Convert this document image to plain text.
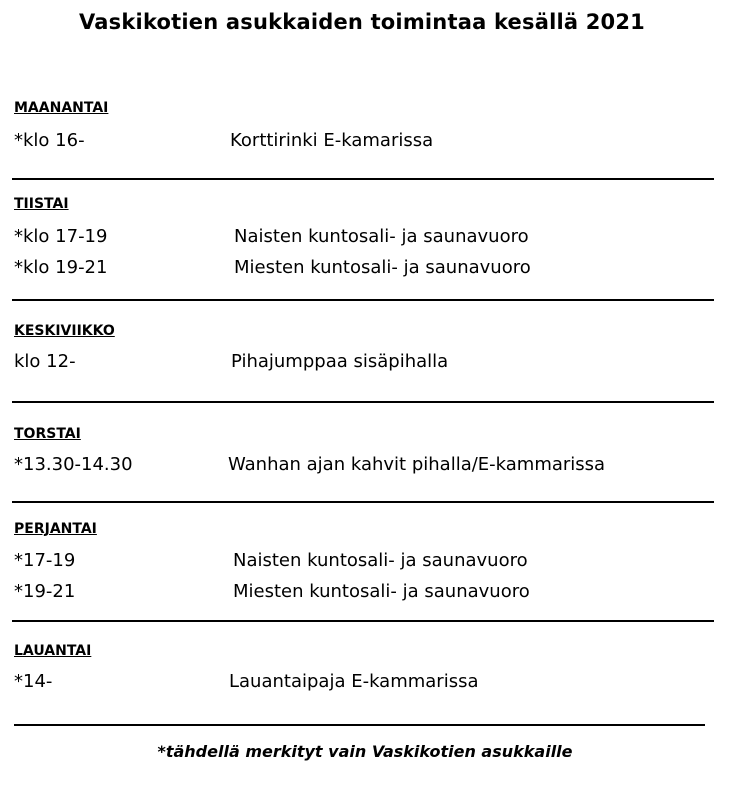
Vaskikotien asukkaiden toimintaa kesällä 2021
MAANANTAI
*klo 16-	Korttirinki E-kamarissa
TIISTAI
*klo 17-19	Naisten kuntosali- ja saunavuoro
*klo 19-21	Miesten kuntosali- ja saunavuoro
KESKIVIIKKO
klo 12-	Pihajumppaa sisäpihalla
TORSTAI
*13.30-14.30	Wanhan ajan kahvit pihalla/E-kammarissa
PERJANTAI
*17-19	Naisten kuntosali- ja saunavuoro
*19-21	Miesten kuntosali- ja saunavuoro
LAUANTAI
*14-	Lauantaipaja E-kammarissa
*tähdellä merkityt vain Vaskikotien asukkaille
